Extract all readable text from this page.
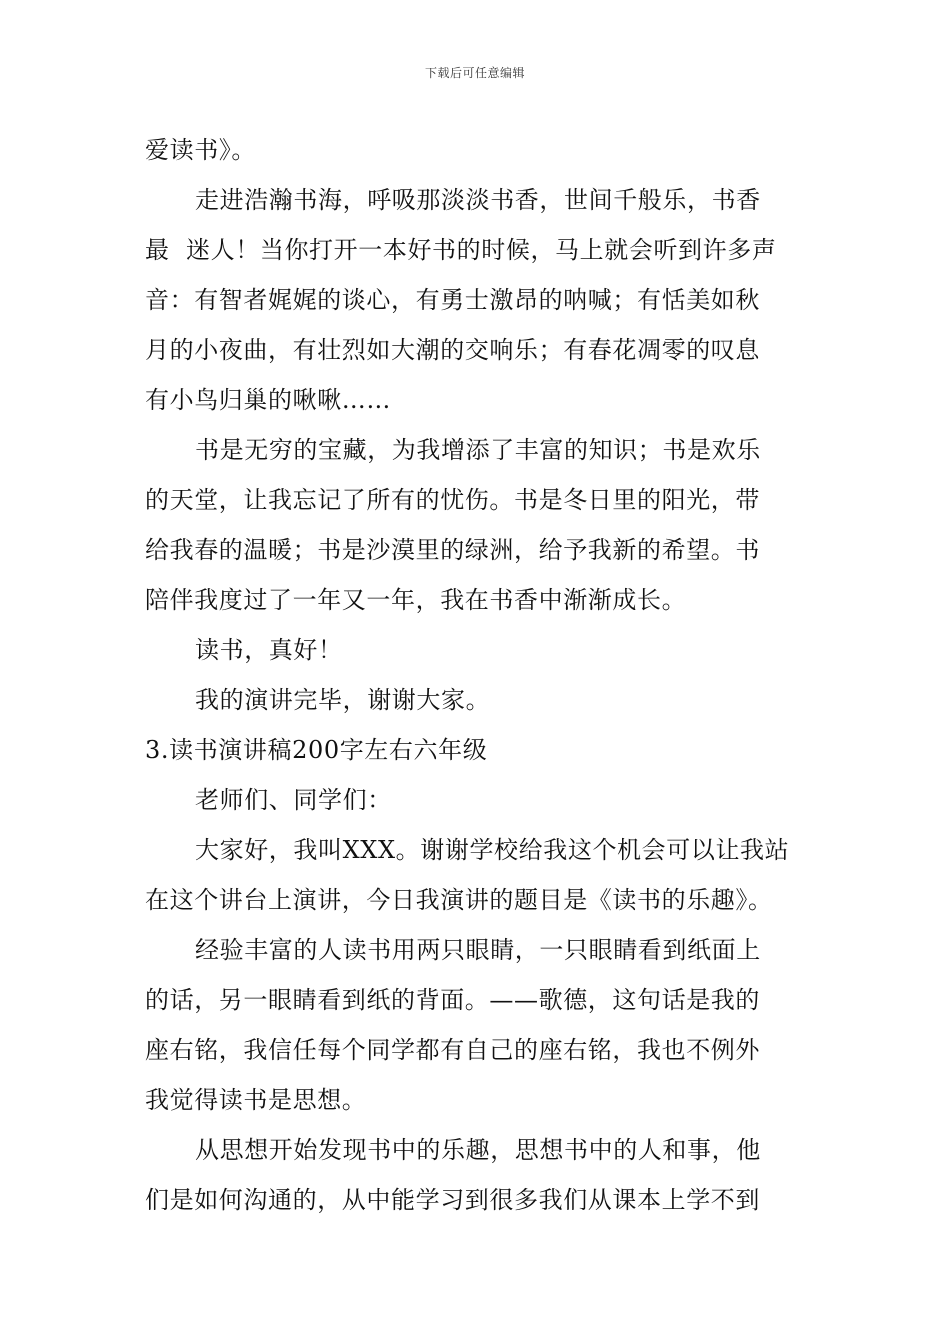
下载后可任意编辑
爱读书》。
走进浩瀚书海，呼吸那淡淡书香，世间千般乐，书香
最  迷人！当你打开一本好书的时候，马上就会听到许多声
音：有智者娓娓的谈心，有勇士激昂的呐喊；有恬美如秋
月的小夜曲，有壮烈如大潮的交响乐；有春花凋零的叹息
有小鸟归巢的啾啾……
书是无穷的宝藏，为我增添了丰富的知识；书是欢乐
的天堂，让我忘记了所有的忧伤。书是冬日里的阳光，带
给我春的温暖；书是沙漠里的绿洲，给予我新的希望。书
陪伴我度过了一年又一年，我在书香中渐渐成长。
读书，真好！
我的演讲完毕，谢谢大家。
3.读书演讲稿200字左右六年级
老师们、同学们：
大家好，我叫XXX。谢谢学校给我这个机会可以让我站
在这个讲台上演讲，今日我演讲的题目是《读书的乐趣》。
经验丰富的人读书用两只眼睛，一只眼睛看到纸面上
的话，另一眼睛看到纸的背面。——歌德，这句话是我的
座右铭，我信任每个同学都有自己的座右铭，我也不例外
我觉得读书是思想。
从思想开始发现书中的乐趣，思想书中的人和事，他
们是如何沟通的，从中能学习到很多我们从课本上学不到
